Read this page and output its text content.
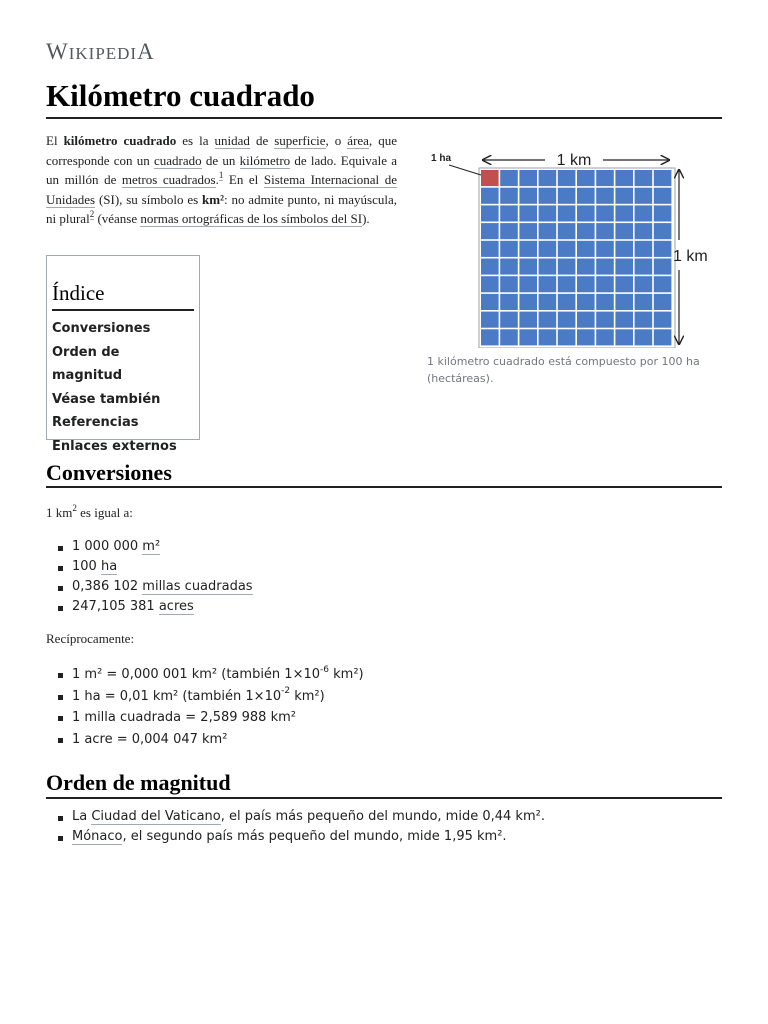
WIKIPEDIA
Kilómetro cuadrado

El kilómetro cuadrado es la unidad de superficie, o área, que corresponde con un cuadrado de un kilómetro de lado. Equivale a un millón de metros cuadrados.$^1$ En el Sistema Internacional de Unidades (SI), su símbolo es km²: no admite punto, ni mayúscula, ni plural$^2$ (véanse normas ortográficas de los símbolos del SI).

Índice
Conversiones
Orden de magnitud
Véase también
Referencias
Enlaces externos
1 ha	1 km
1 km
1 kilómetro cuadrado está compuesto por 100 ha (hectáreas).
Conversiones

1 $km^2$ es igual a:

1 000 000 m²
100 ha
0,386 102 millas cuadradas
247,105 381 acres

Recíprocamente:

1 m² = 0,000 001 km² (también $1\times 10^{-6}$ km²)
1 ha = 0,01 km² (también $1\times 10^{-2}$ km²)
1 milla cuadrada = 2,589 988 km²
1 acre = 0,004 047 km²
Orden de magnitud
La Ciudad del Vaticano, el país más pequeño del mundo, mide 0,44 km².
Mónaco, el segundo país más pequeño del mundo, mide 1,95 km².
